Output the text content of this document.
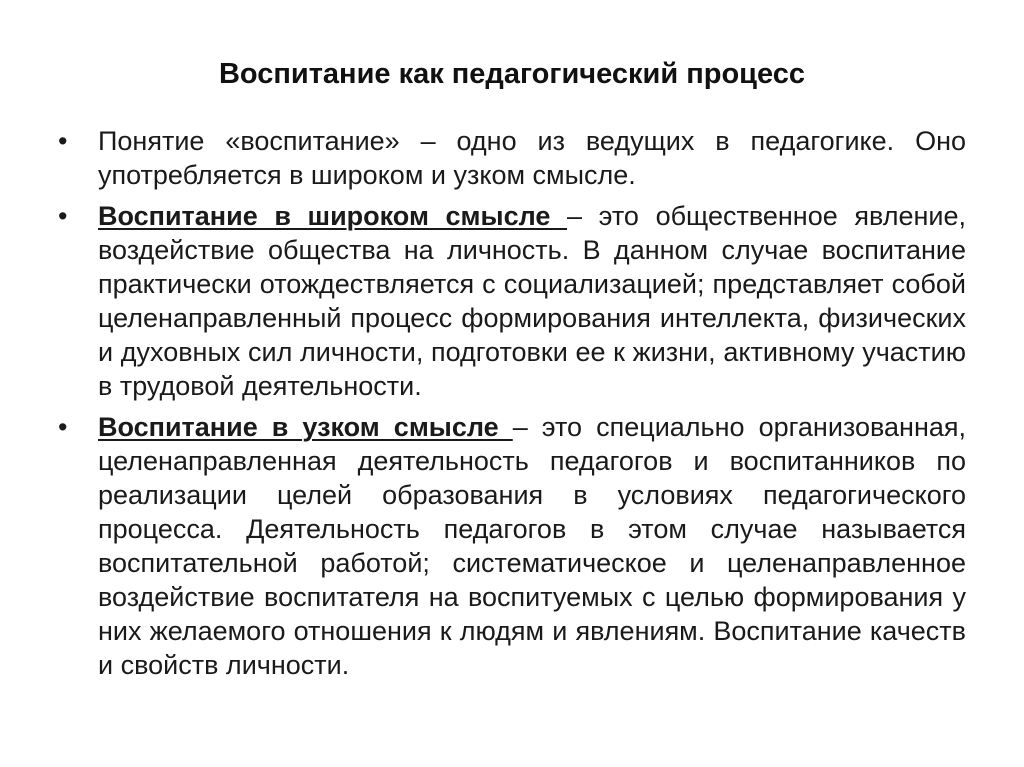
Воспитание как педагогический процесс
•	Понятие «воспитание» – одно из ведущих в педагогике. Оно употребляется в широком и узком смысле.
•	Воспитание в широком смысле – это общественное явление, воздействие общества на личность. В данном случае воспитание практически отождествляется с социализацией; представляет собой целенаправленный процесс формирования интеллекта, физических и духовных сил личности, подготовки ее к жизни, активному участию в трудовой деятельности.
•	Воспитание в узком смысле – это специально организованная, целенаправленная деятельность педагогов и воспитанников по реализации целей образования в условиях педагогического процесса. Деятельность педагогов в этом случае называется воспитательной работой; систематическое и целенаправленное воздействие воспитателя на воспитуемых с целью формирования у них желаемого отношения к людям и явлениям. Воспитание качеств и свойств личности.
